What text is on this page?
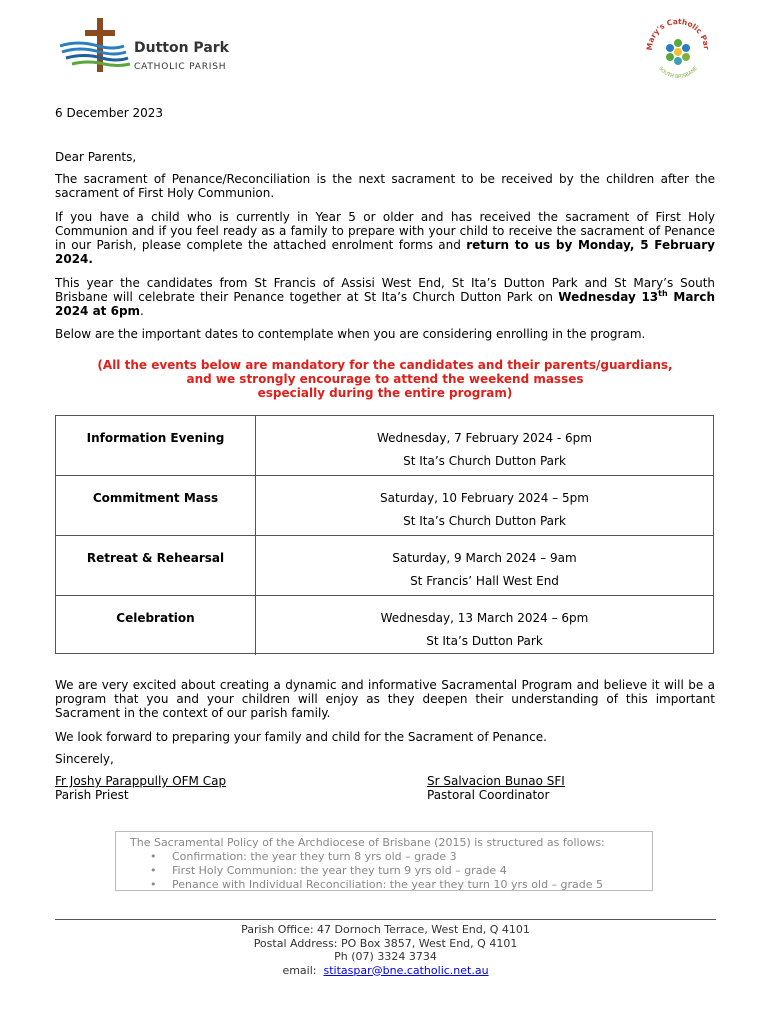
Dutton Park
CATHOLIC PARISH
Mary's Catholic Par
SOUTH BRISBANE
6 December 2023
Dear Parents,
The sacrament of Penance/Reconciliation is the next sacrament to be received by the children after the sacrament of First Holy Communion.
If you have a child who is currently in Year 5 or older and has received the sacrament of First Holy Communion and if you feel ready as a family to prepare with your child to receive the sacrament of Penance in our Parish, please complete the attached enrolment forms and return to us by Monday, 5 February 2024.
This year the candidates from St Francis of Assisi West End, St Ita’s Dutton Park and St Mary’s South Brisbane will celebrate their Penance together at St Ita’s Church Dutton Park on Wednesday 13th March 2024 at 6pm.
Below are the important dates to contemplate when you are considering enrolling in the program.
(All the events below are mandatory for the candidates and their parents/guardians,
and we strongly encourage to attend the weekend masses
especially during the entire program)
Information Evening	Wednesday, 7 February 2024 - 6pm
St Ita’s Church Dutton Park
Commitment Mass	Saturday, 10 February 2024 – 5pm
St Ita’s Church Dutton Park
Retreat & Rehearsal	Saturday, 9 March 2024 – 9am
St Francis’ Hall West End
Celebration	Wednesday, 13 March 2024 – 6pm
St Ita’s Dutton Park
We are very excited about creating a dynamic and informative Sacramental Program and believe it will be a program that you and your children will enjoy as they deepen their understanding of this important Sacrament in the context of our parish family.
We look forward to preparing your family and child for the Sacrament of Penance.
Sincerely,
Fr Joshy Parappully OFM Cap
Parish Priest
Sr Salvacion Bunao SFI
Pastoral Coordinator
The Sacramental Policy of the Archdiocese of Brisbane (2015) is structured as follows:
• Confirmation: the year they turn 8 yrs old – grade 3
• First Holy Communion: the year they turn 9 yrs old – grade 4
• Penance with Individual Reconciliation: the year they turn 10 yrs old – grade 5
Parish Office: 47 Dornoch Terrace, West End, Q 4101
Postal Address: PO Box 3857, West End, Q 4101
Ph (07) 3324 3734
email: stitaspar@bne.catholic.net.au
